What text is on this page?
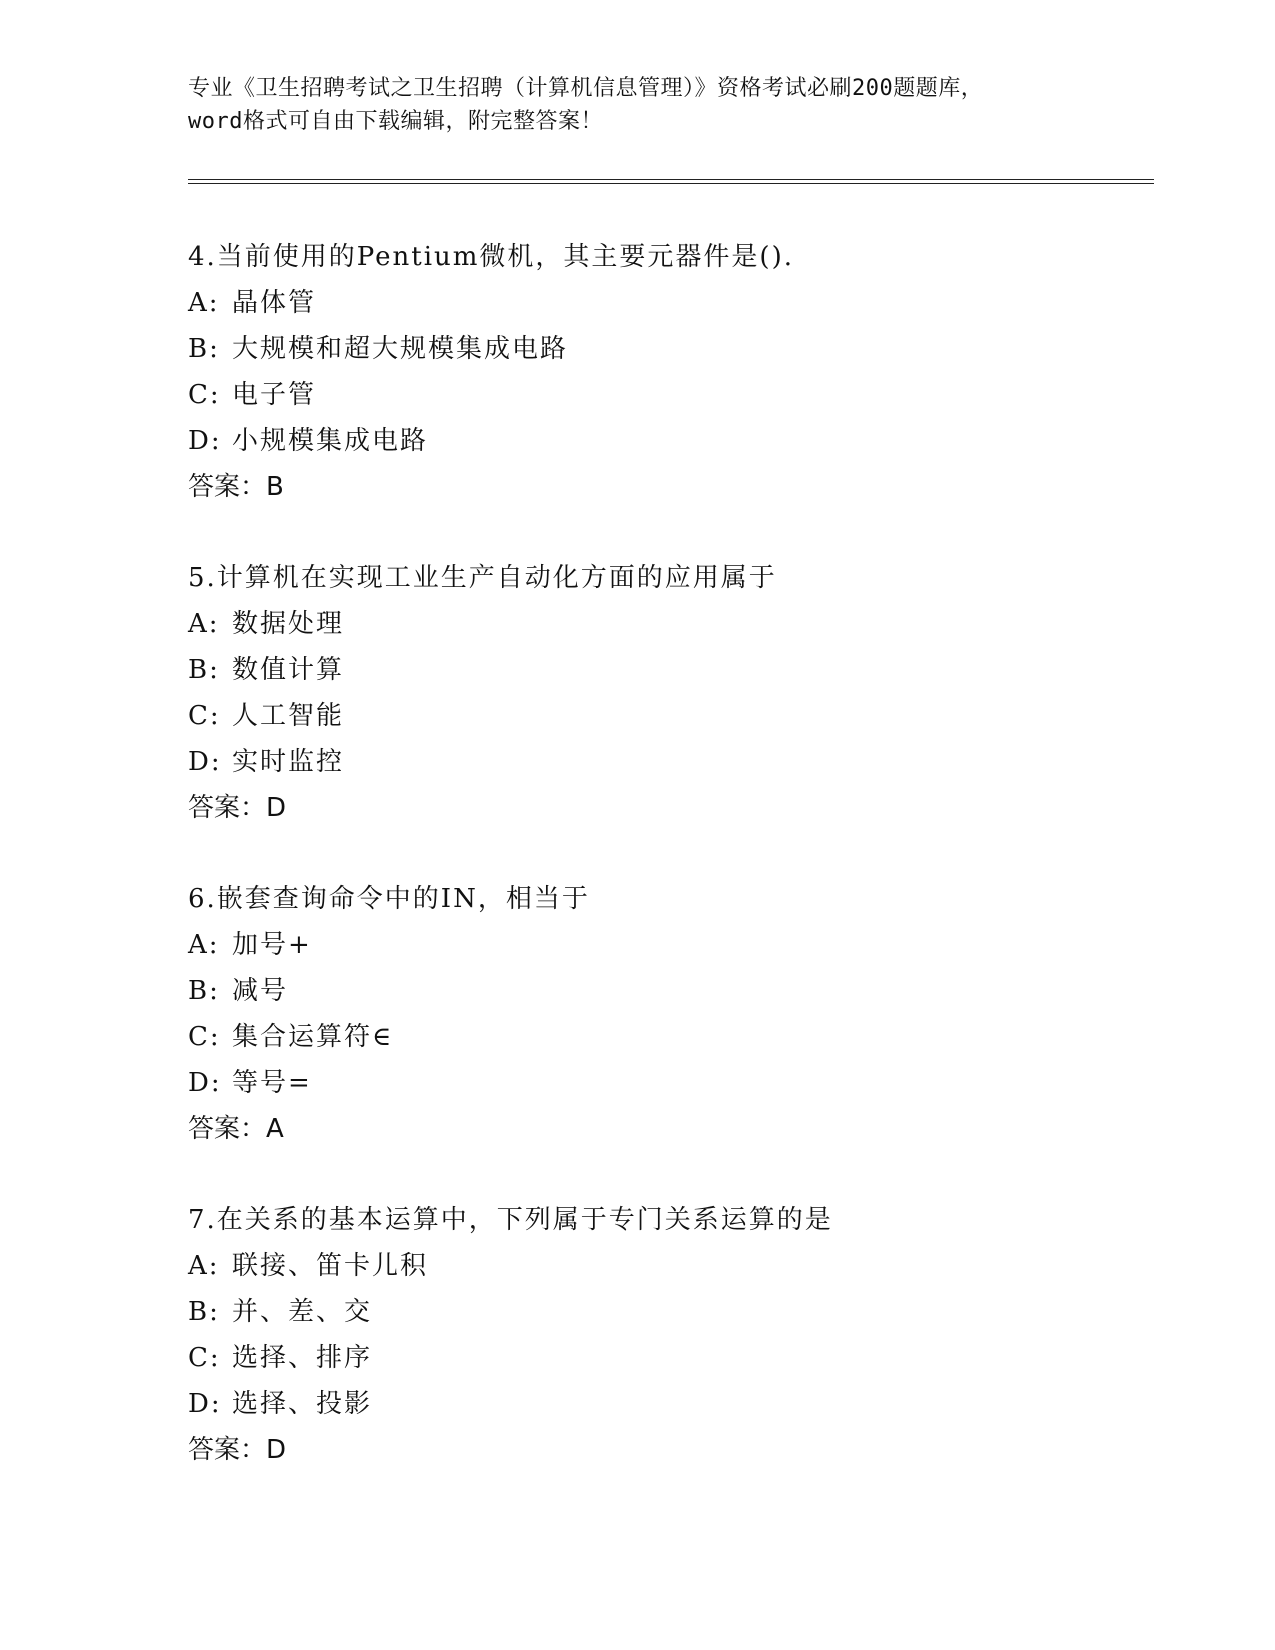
专业《卫生招聘考试之卫生招聘（计算机信息管理）》资格考试必刷200题题库，
word格式可自由下载编辑，附完整答案！
4.当前使用的Pentium微机，其主要元器件是().
A: 晶体管
B: 大规模和超大规模集成电路
C: 电子管
D: 小规模集成电路
答案：B
5.计算机在实现工业生产自动化方面的应用属于
A: 数据处理
B: 数值计算
C: 人工智能
D: 实时监控
答案：D
6.嵌套查询命令中的IN，相当于
A: 加号+
B: 减号
C: 集合运算符∈
D: 等号=
答案：A
7.在关系的基本运算中，下列属于专门关系运算的是
A: 联接、笛卡儿积
B: 并、差、交
C: 选择、排序
D: 选择、投影
答案：D
